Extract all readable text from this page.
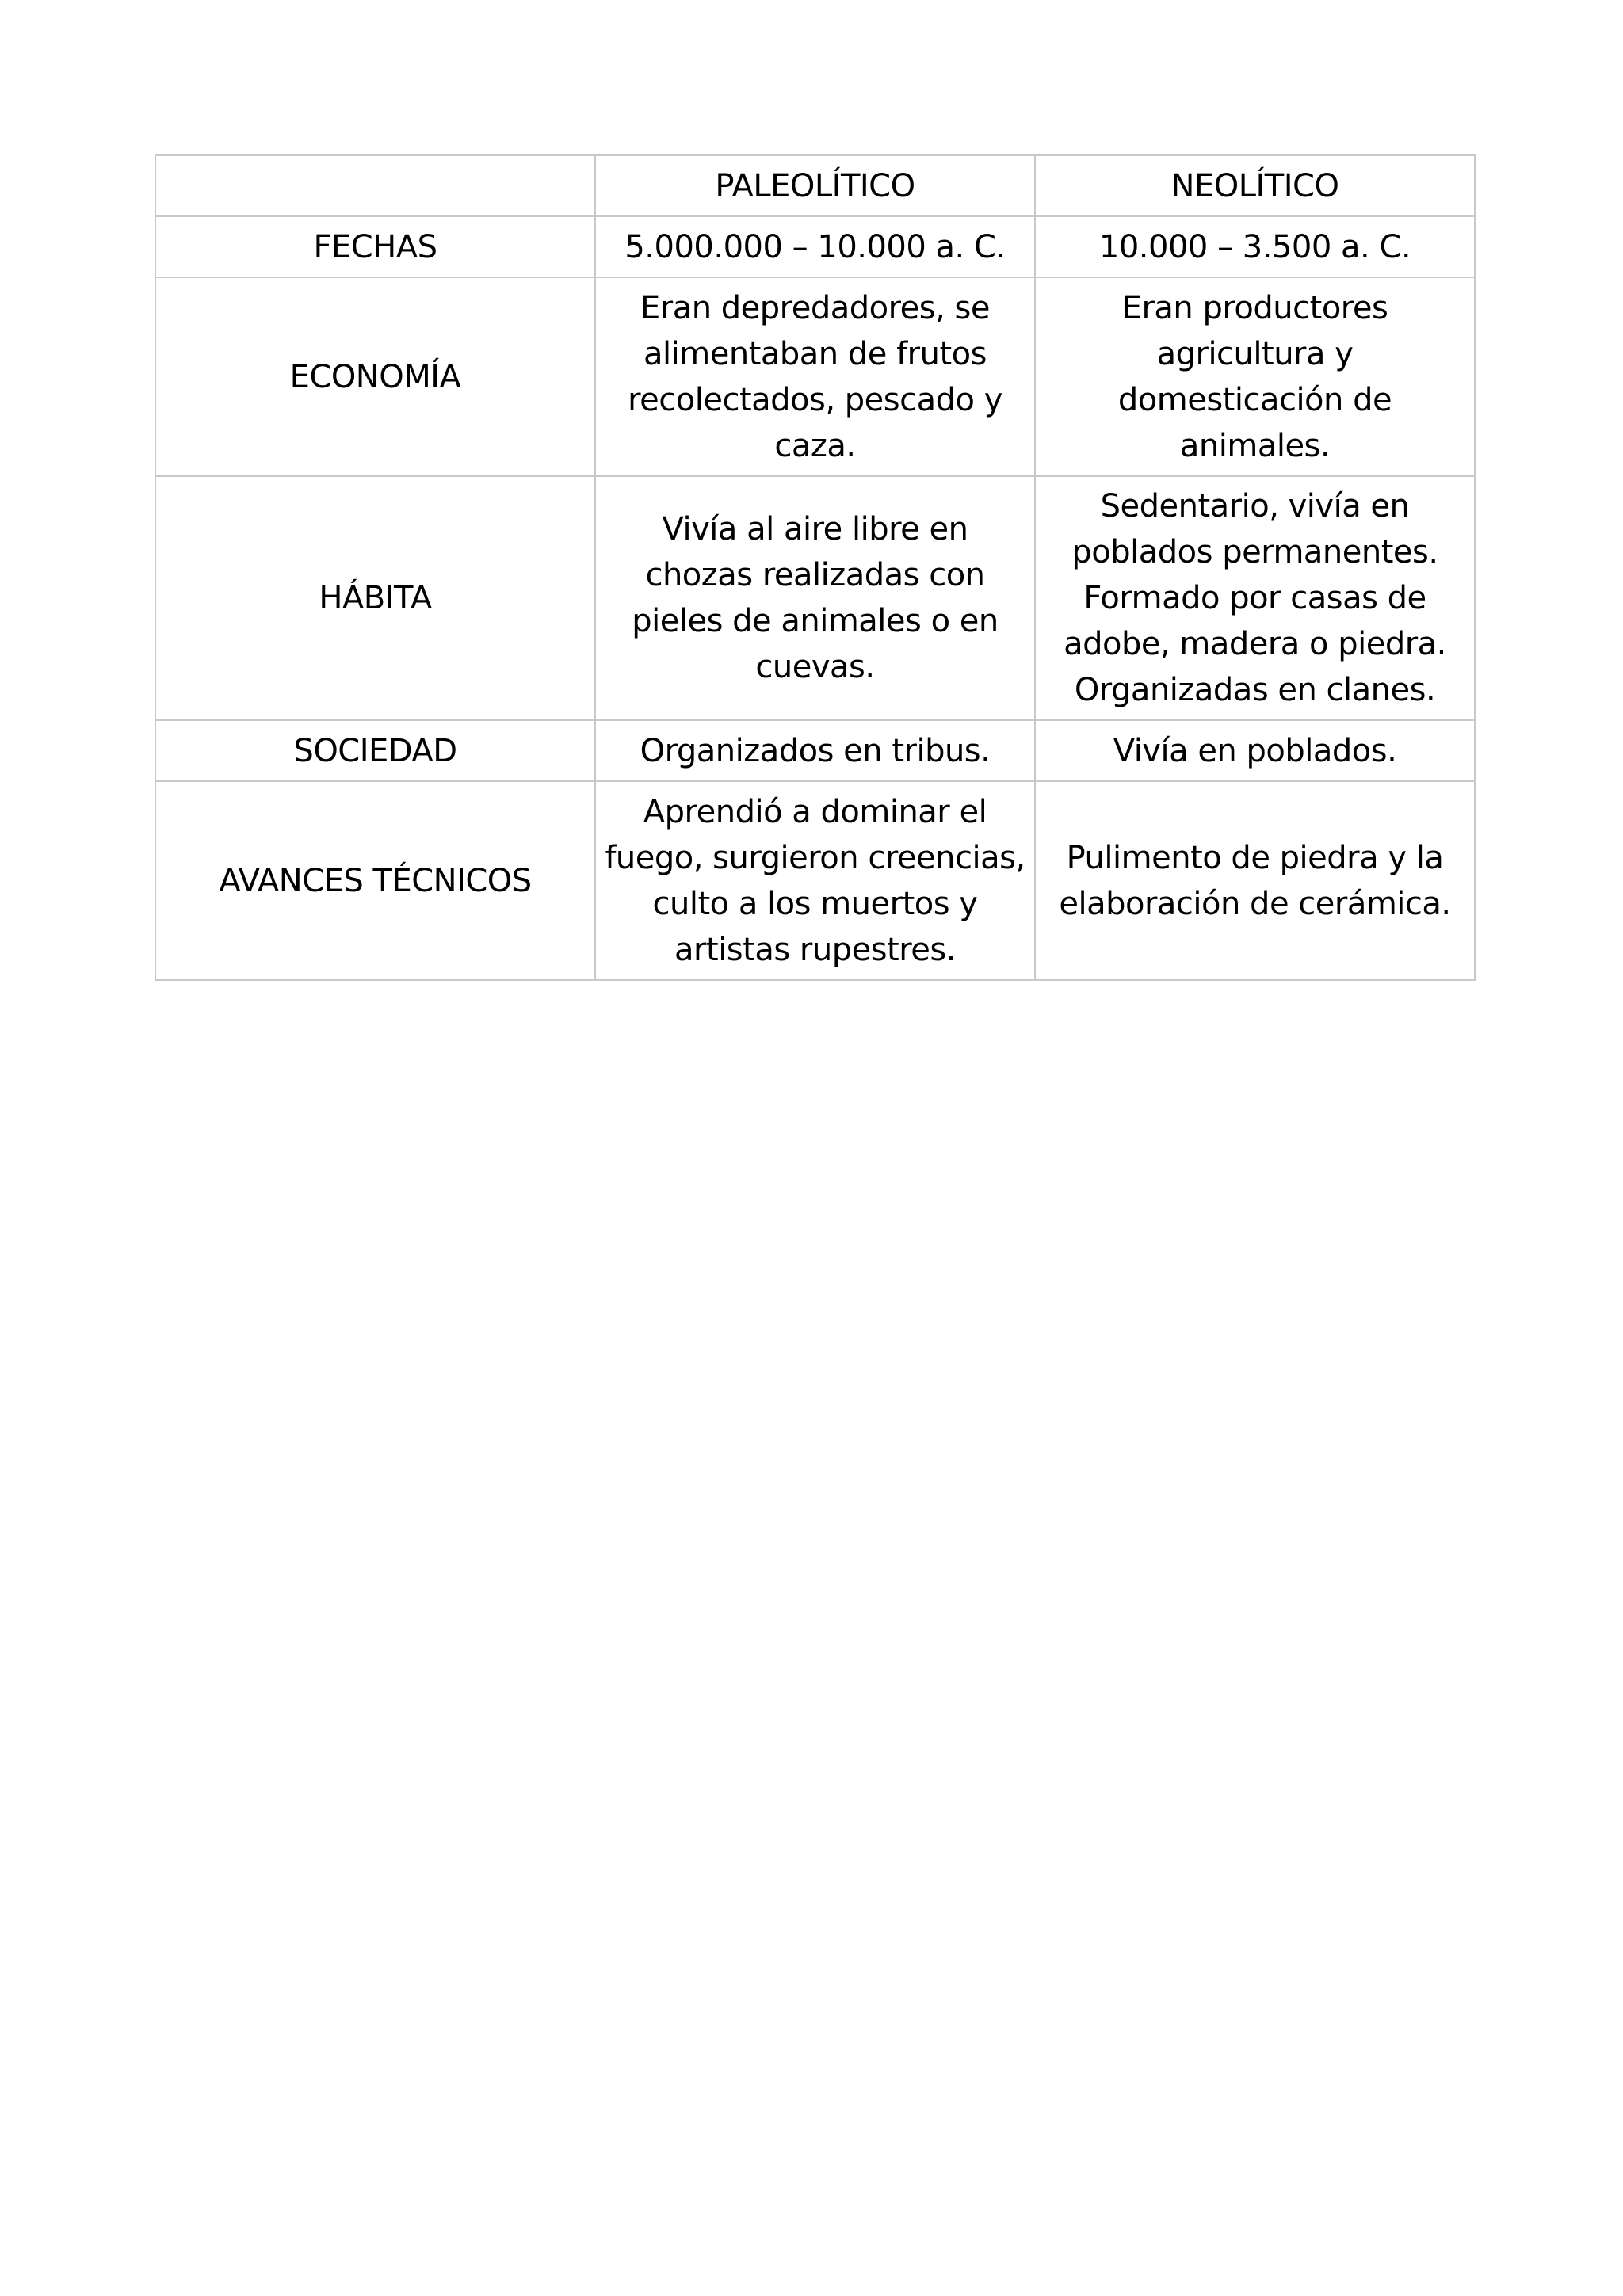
	PALEOLÍTICO	NEOLÍTICO
FECHAS	5.000.000 – 10.000 a. C.	10.000 – 3.500 a. C.
ECONOMÍA	Eran depredadores, se alimentaban de frutos recolectados, pescado y caza.	Eran productores agricultura y domesticación de animales.
HÁBITA	Vivía al aire libre en chozas realizadas con pieles de animales o en cuevas.	Sedentario, vivía en poblados permanentes. Formado por casas de adobe, madera o piedra. Organizadas en clanes.
SOCIEDAD	Organizados en tribus.	Vivía en poblados.
AVANCES TÉCNICOS	Aprendió a dominar el fuego, surgieron creencias, culto a los muertos y artistas rupestres.	Pulimento de piedra y la elaboración de cerámica.
